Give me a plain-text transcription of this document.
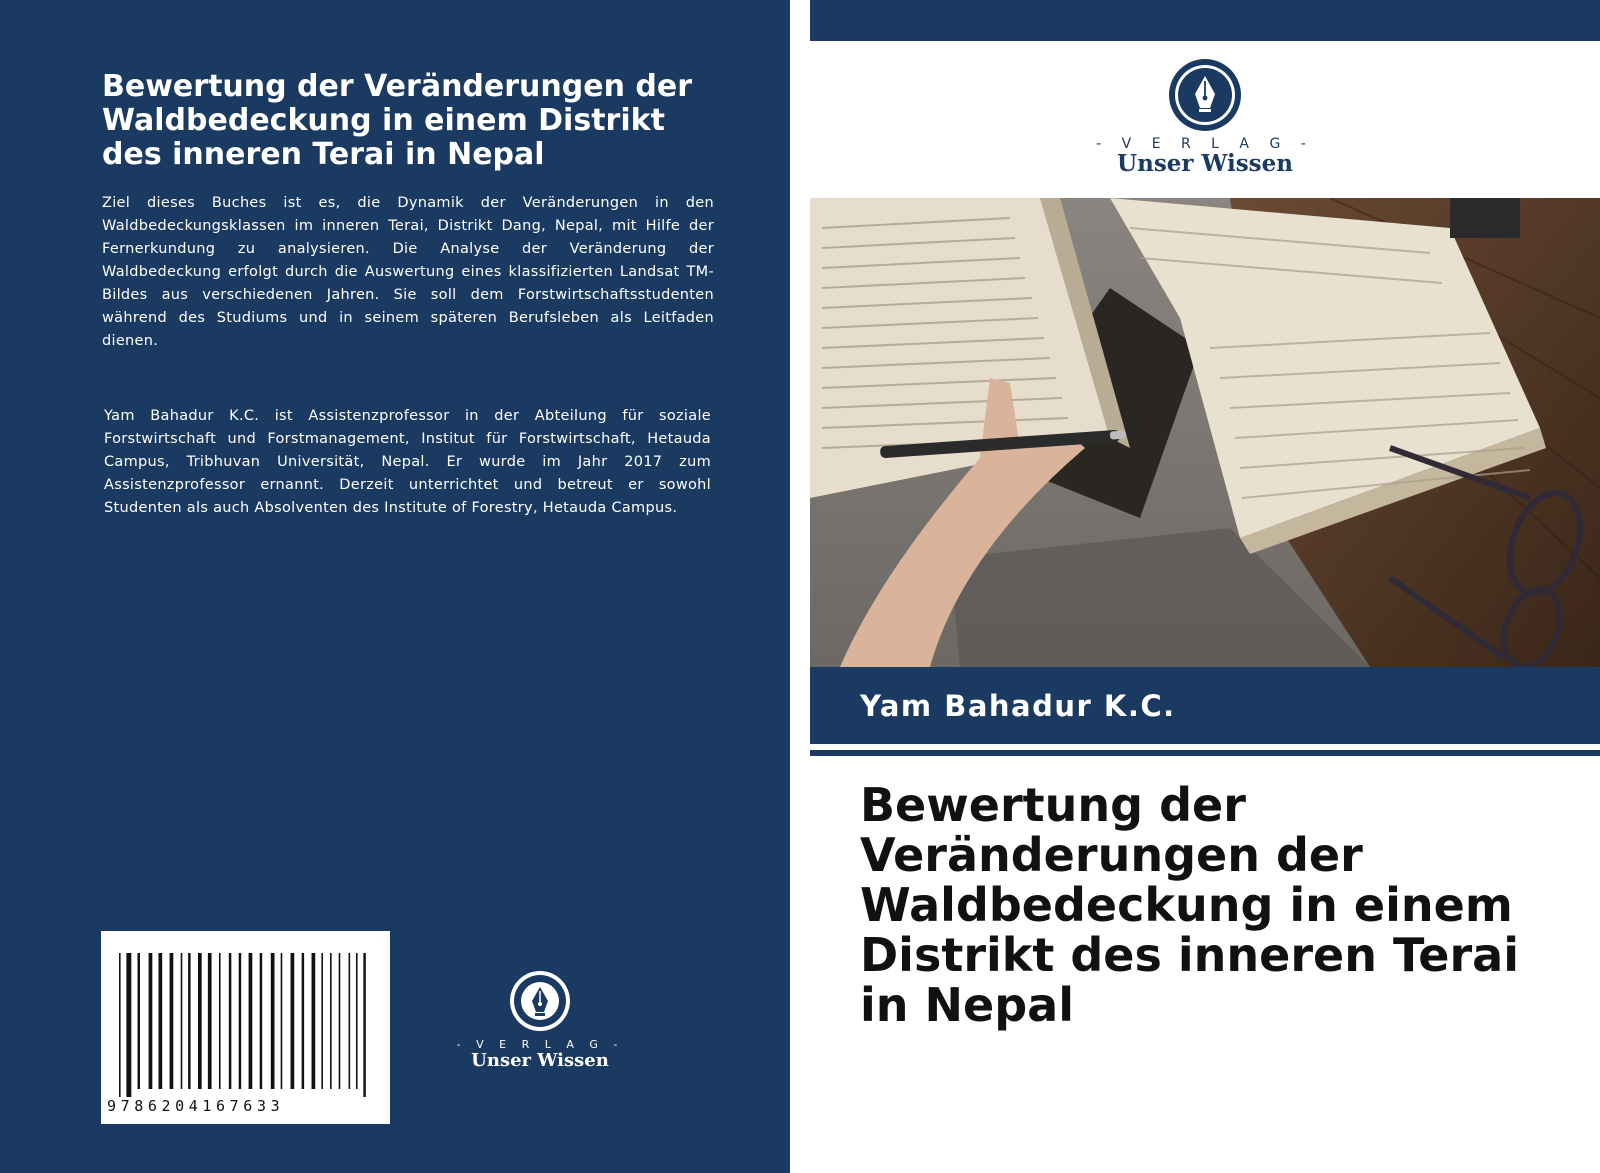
Bewertung der Veränderungen der Waldbedeckung in einem Distrikt des inneren Terai in Nepal

Ziel dieses Buches ist es, die Dynamik der Veränderungen in den Waldbedeckungsklassen im inneren Terai, Distrikt Dang, Nepal, mit Hilfe der Fernerkundung zu analysieren. Die Analyse der Veränderung der Waldbedeckung erfolgt durch die Auswertung eines klassifizierten Landsat TM-Bildes aus verschiedenen Jahren. Sie soll dem Forstwirtschaftsstudenten während des Studiums und in seinem späteren Berufsleben als Leitfaden dienen.

Yam Bahadur K.C. ist Assistenzprofessor in der Abteilung für soziale Forstwirtschaft und Forstmanagement, Institut für Forstwirtschaft, Hetauda Campus, Tribhuvan Universität, Nepal. Er wurde im Jahr 2017 zum Assistenzprofessor ernannt. Derzeit unterrichtet und betreut er sowohl Studenten als auch Absolventen des Institute of Forestry, Hetauda Campus.

9786204167633
- V E R L A G -
Unser Wissen
- V E R L A G -
Unser Wissen
Yam Bahadur K.C.
Bewertung der Veränderungen der Waldbedeckung in einem Distrikt des inneren Terai in Nepal
